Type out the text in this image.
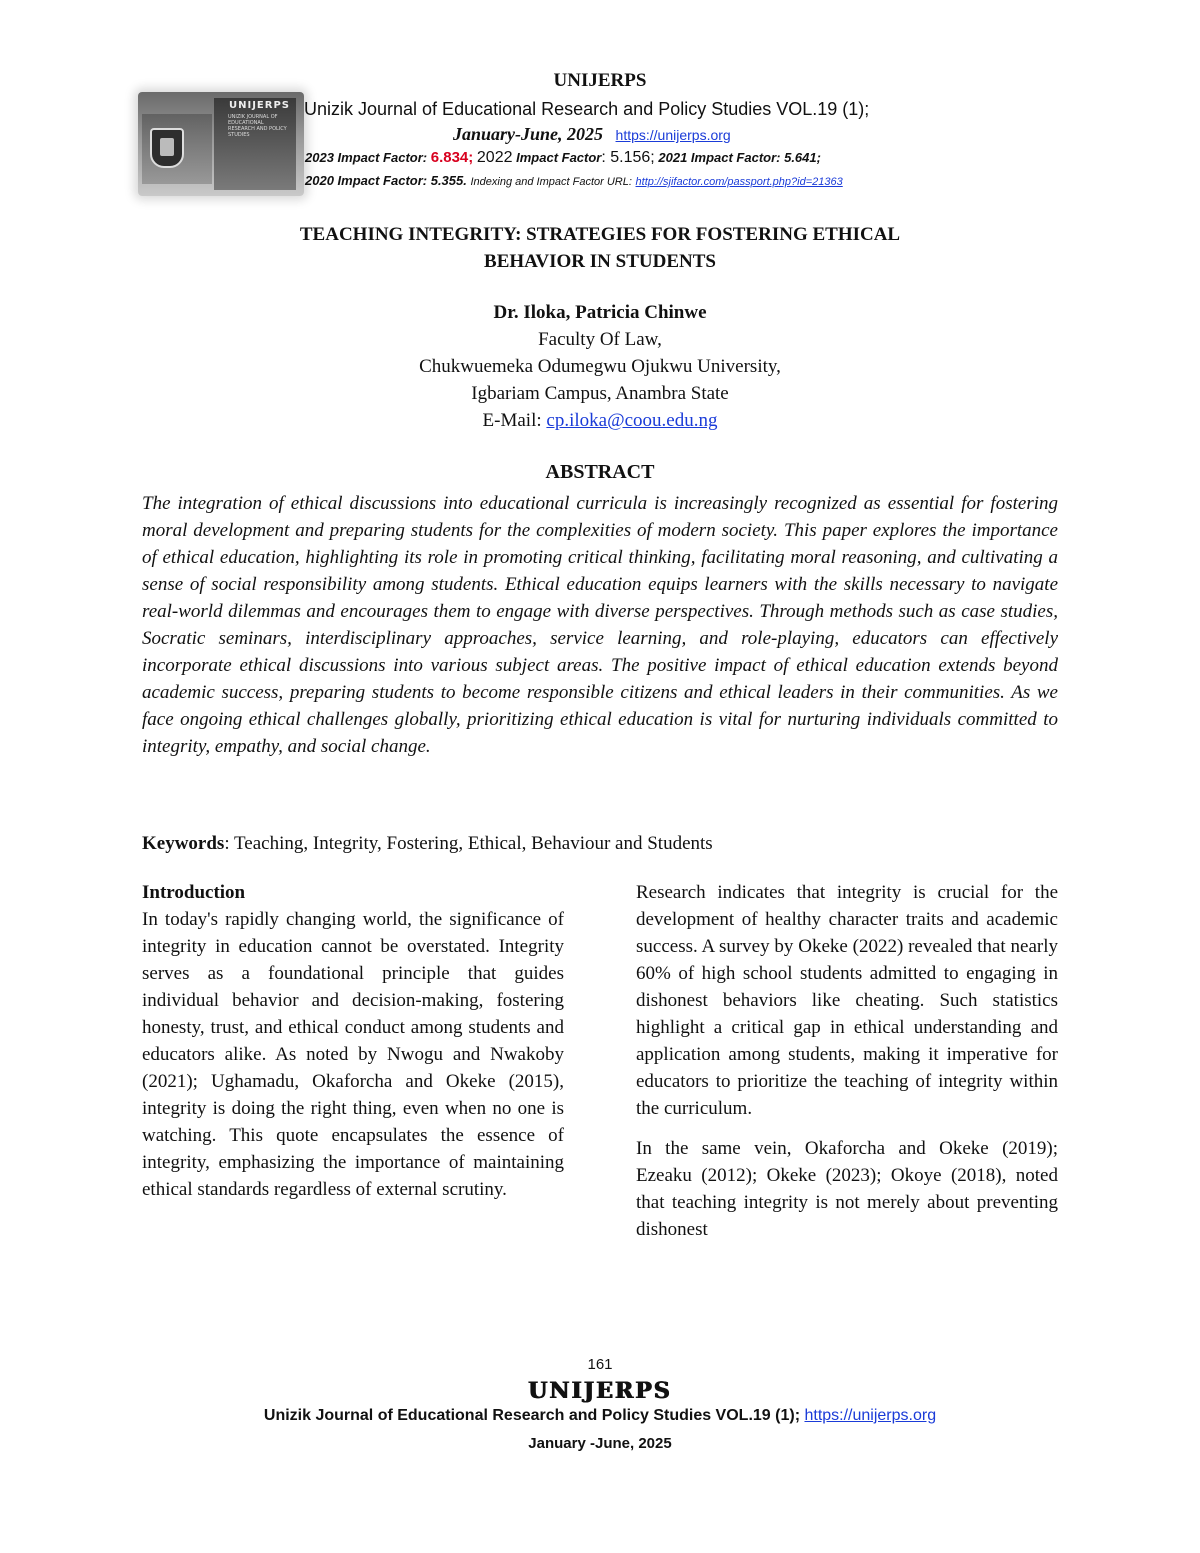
UNIJERPS
UNIZIK JOURNAL OF EDUCATIONAL RESEARCH AND POLICY STUDIES
UNIJERPS
Unizik Journal of Educational Research and Policy Studies VOL.19 (1);
January-June, 2025 https://unijerps.org
2023 Impact Factor: 6.834; 2022 Impact Factor: 5.156; 2021 Impact Factor: 5.641;
2020 Impact Factor: 5.355. Indexing and Impact Factor URL: http://sjifactor.com/passport.php?id=21363
TEACHING INTEGRITY: STRATEGIES FOR FOSTERING ETHICAL
BEHAVIOR IN STUDENTS
Dr. Iloka, Patricia Chinwe
Faculty Of Law,
Chukwuemeka Odumegwu Ojukwu University,
Igbariam Campus, Anambra State
E-Mail: cp.iloka@coou.edu.ng
ABSTRACT

The integration of ethical discussions into educational curricula is increasingly recognized as essential for fostering moral development and preparing students for the complexities of modern society. This paper explores the importance of ethical education, highlighting its role in promoting critical thinking, facilitating moral reasoning, and cultivating a sense of social responsibility among students. Ethical education equips learners with the skills necessary to navigate real-world dilemmas and encourages them to engage with diverse perspectives. Through methods such as case studies, Socratic seminars, interdisciplinary approaches, service learning, and role-playing, educators can effectively incorporate ethical discussions into various subject areas. The positive impact of ethical education extends beyond academic success, preparing students to become responsible citizens and ethical leaders in their communities. As we face ongoing ethical challenges globally, prioritizing ethical education is vital for nurturing individuals committed to integrity, empathy, and social change.

Keywords: Teaching, Integrity, Fostering, Ethical, Behaviour and Students
Introduction

In today's rapidly changing world, the significance of integrity in education cannot be overstated. Integrity serves as a foundational principle that guides individual behavior and decision-making, fostering honesty, trust, and ethical conduct among students and educators alike. As noted by Nwogu and Nwakoby (2021); Ughamadu, Okaforcha and Okeke (2015), integrity is doing the right thing, even when no one is watching. This quote encapsulates the essence of integrity, emphasizing the importance of maintaining ethical standards regardless of external scrutiny.

Research indicates that integrity is crucial for the development of healthy character traits and academic success. A survey by Okeke (2022) revealed that nearly 60% of high school students admitted to engaging in dishonest behaviors like cheating. Such statistics highlight a critical gap in ethical understanding and application among students, making it imperative for educators to prioritize the teaching of integrity within the curriculum.

In the same vein, Okaforcha and Okeke (2019); Ezeaku (2012); Okeke (2023); Okoye (2018), noted that teaching integrity is not merely about preventing dishonest

161
UNIJERPS
Unizik Journal of Educational Research and Policy Studies VOL.19 (1); https://unijerps.org
January -June, 2025
